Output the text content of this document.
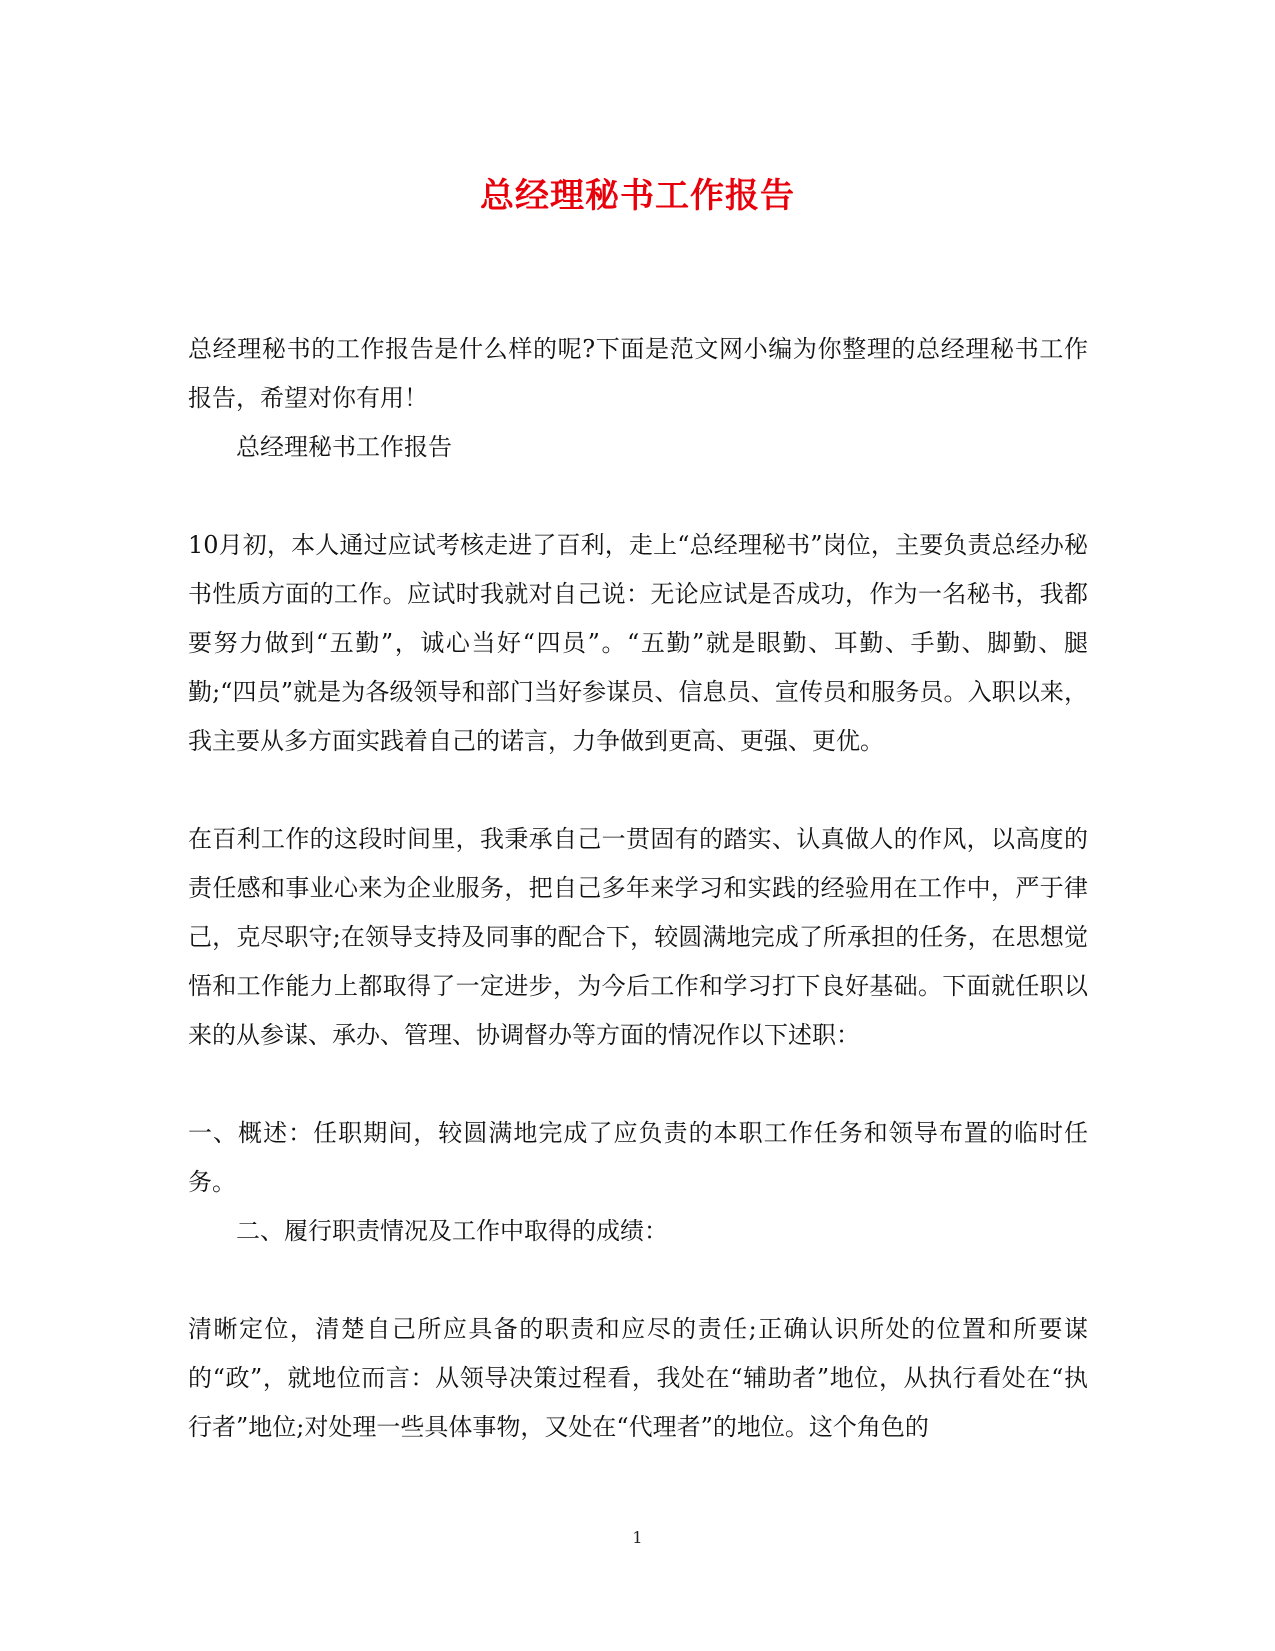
总经理秘书工作报告

总经理秘书的工作报告是什么样的呢?下面是范文网小编为你整理的总经理秘书工作报告，希望对你有用！

总经理秘书工作报告

10月初，本人通过应试考核走进了百利，走上“总经理秘书”岗位，主要负责总经办秘书性质方面的工作。应试时我就对自己说：无论应试是否成功，作为一名秘书，我都要努力做到“五勤”，诚心当好“四员”。“五勤”就是眼勤、耳勤、手勤、脚勤、腿勤;“四员”就是为各级领导和部门当好参谋员、信息员、宣传员和服务员。入职以来，我主要从多方面实践着自己的诺言，力争做到更高、更强、更优。

在百利工作的这段时间里，我秉承自己一贯固有的踏实、认真做人的作风，以高度的责任感和事业心来为企业服务，把自己多年来学习和实践的经验用在工作中，严于律己，克尽职守;在领导支持及同事的配合下，较圆满地完成了所承担的任务，在思想觉悟和工作能力上都取得了一定进步，为今后工作和学习打下良好基础。下面就任职以来的从参谋、承办、管理、协调督办等方面的情况作以下述职：

一、概述：任职期间，较圆满地完成了应负责的本职工作任务和领导布置的临时任务。

二、履行职责情况及工作中取得的成绩：

清晰定位，清楚自己所应具备的职责和应尽的责任;正确认识所处的位置和所要谋的“政”，就地位而言：从领导决策过程看，我处在“辅助者”地位，从执行看处在“执行者”地位;对处理一些具体事物，又处在“代理者”的地位。这个角色的

1
